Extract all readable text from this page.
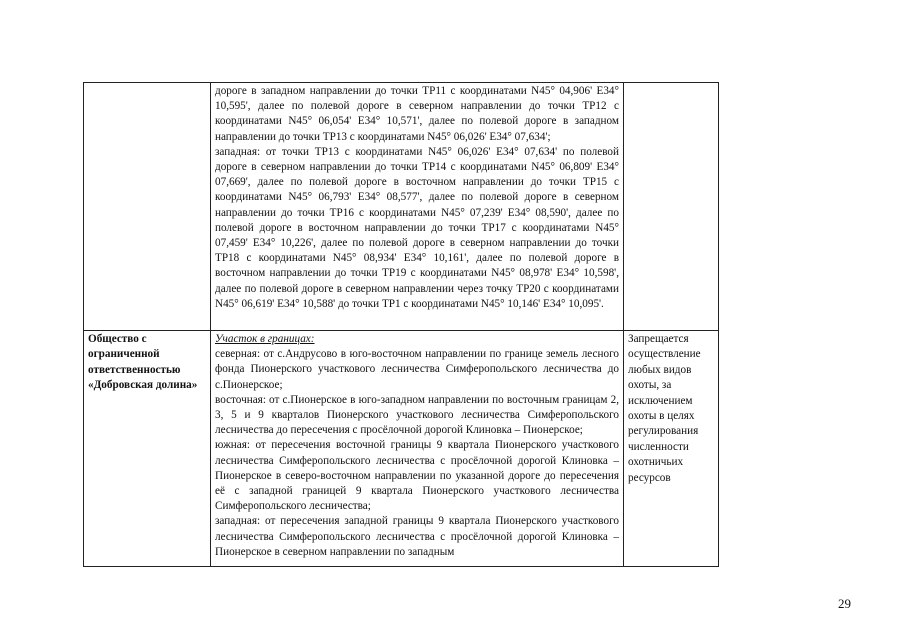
	дороге в западном направлении до точки ТР11 с координатами N45° 04,906' E34° 10,595', далее по полевой дороге в северном направлении до точки ТР12 с координатами N45° 06,054' E34° 10,571', далее по полевой дороге в западном направлении до точки ТР13 с координатами N45° 06,026' E34° 07,634';
западная: от точки ТР13 с координатами N45° 06,026' E34° 07,634' по полевой дороге в северном направлении до точки ТР14 с координатами N45° 06,809' E34° 07,669', далее по полевой дороге в восточном направлении до точки ТР15 с координатами N45° 06,793' E34° 08,577', далее по полевой дороге в северном направлении до точки ТР16 с координатами N45° 07,239' E34° 08,590', далее по полевой дороге в восточном направлении до точки ТР17 с координатами N45° 07,459' E34° 10,226', далее по полевой дороге в северном направлении до точки ТР18 с координатами N45° 08,934' E34° 10,161', далее по полевой дороге в восточном направлении до точки ТР19 с координатами N45° 08,978' E34° 10,598', далее по полевой дороге в северном направлении через точку ТР20 с координатами N45° 06,619' E34° 10,588' до точки ТР1 с координатами N45° 10,146' E34° 10,095'.	

Общество с ограниченной ответственностью «Добровская долина»	Участок в границах:
северная: от с.Андрусово в юго-восточном направлении по границе земель лесного фонда Пионерского участкового лесничества Симферопольского лесничества до с.Пионерское;
восточная: от с.Пионерское в юго-западном направлении по восточным границам 2, 3, 5 и 9 кварталов Пионерского участкового лесничества Симферопольского лесничества до пересечения с просёлочной дорогой Клиновка – Пионерское;
южная: от пересечения восточной границы 9 квартала Пионерского участкового лесничества Симферопольского лесничества с просёлочной дорогой Клиновка – Пионерское в северо-восточном направлении по указанной дороге до пересечения её с западной границей 9 квартала Пионерского участкового лесничества Симферопольского лесничества;
западная: от пересечения западной границы 9 квартала Пионерского участкового лесничества Симферопольского лесничества с просёлочной дорогой Клиновка – Пионерское в северном направлении по западным	Запрещается осуществление любых видов охоты, за исключением охоты в целях регулирования численности охотничьих ресурсов
29
